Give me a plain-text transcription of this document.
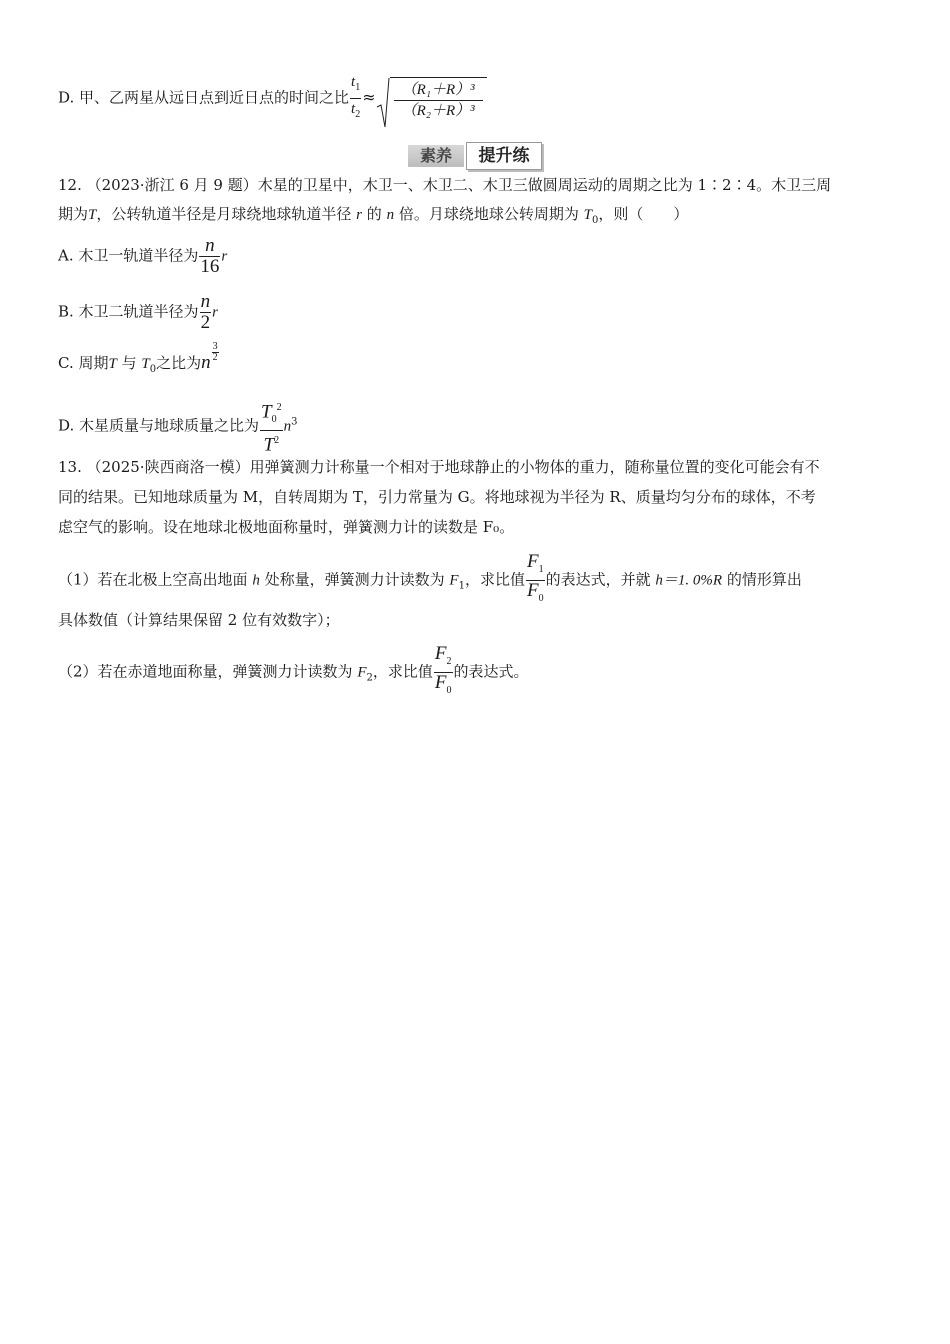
D. 甲、乙两星从远日点到近日点的时间之比 $\frac{t_1}{t_2} \approx \frac{\text{（R₁＋R）³}}{\text{（R₂＋R）³}}$
素养	提升练
12. （2023·浙江 6 月 9 题）木星的卫星中，木卫一、木卫二、木卫三做圆周运动的周期之比为 1∶2∶4。木卫三周
期为T，公转轨道半径是月球绕地球轨道半径 r 的 n 倍。月球绕地球公转周期为 $T_0$，则（　　）
A. 木卫一轨道半径为 $\frac{n}{16}$ r
B. 木卫二轨道半径为 $\frac{n}{2}$ r
C. 周期T 与 $T_0$之比为n $\frac{3}{2}$
D. 木星质量与地球质量之比为 $\frac{T_0^2}{T^2} n^3$
13. （2025·陕西商洛一模）用弹簧测力计称量一个相对于地球静止的小物体的重力，随称量位置的变化可能会有不
同的结果。已知地球质量为 M，自转周期为 T，引力常量为 G。将地球视为半径为 R、质量均匀分布的球体，不考
虑空气的影响。设在地球北极地面称量时，弹簧测力计的读数是 F₀。
（1）若在北极上空高出地面 h 处称量，弹簧测力计读数为 $F_1$，求比值 $\frac{F_1}{F_0}$ 的表达式，并就 h＝1. 0%R 的情形算出
具体数值（计算结果保留 2 位有效数字）；
（2）若在赤道地面称量，弹簧测力计读数为 $F_2$，求比值 $\frac{F_2}{F_0}$ 的表达式。
